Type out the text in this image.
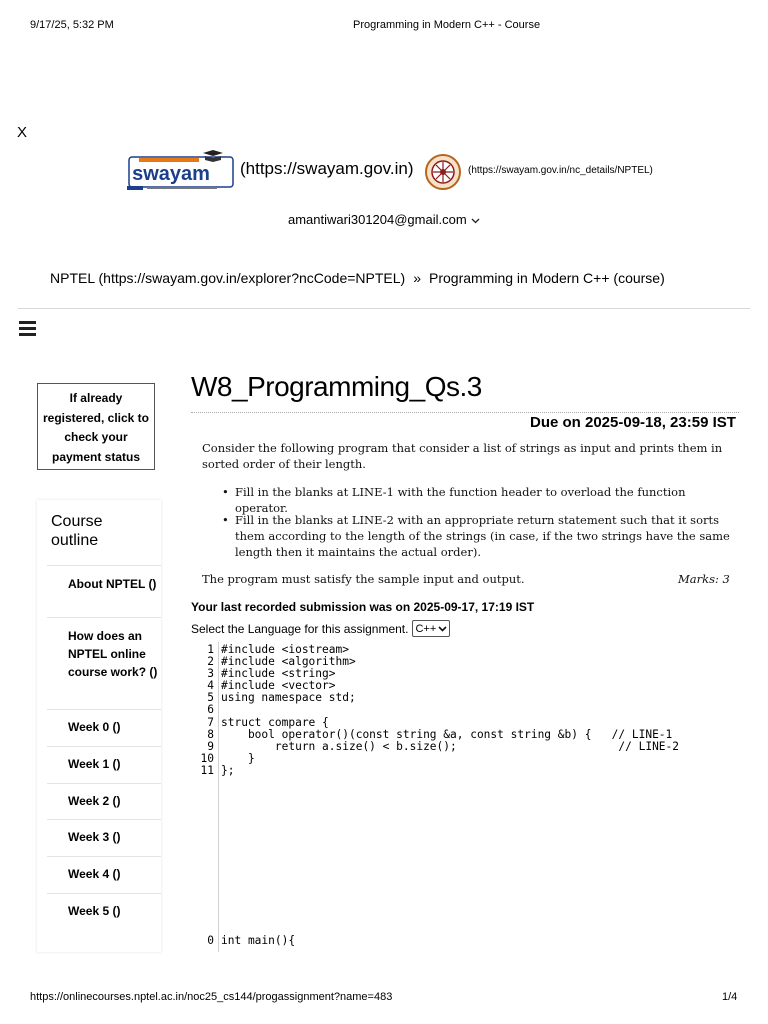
9/17/25, 5:32 PM	Programming in Modern C++ - Course
X
swayam (https://swayam.gov.in)	(https://swayam.gov.in/nc_details/NPTEL)
amantiwari301204@gmail.com
NPTEL (https://swayam.gov.in/explorer?ncCode=NPTEL) » Programming in Modern C++ (course)
If already registered, click to check your payment status
Course outline
About NPTEL ()
How does an NPTEL online course work? ()
Week 0 ()
Week 1 ()
Week 2 ()
Week 3 ()
Week 4 ()
Week 5 ()
W8_Programming_Qs.3
Due on 2025-09-18, 23:59 IST
Consider the following program that consider a list of strings as input and prints them in sorted order of their length.
• Fill in the blanks at LINE-1 with the function header to overload the function operator.
• Fill in the blanks at LINE-2 with an appropriate return statement such that it sorts them according to the length of the strings (in case, if the two strings have the same length then it maintains the actual order).
The program must satisfy the sample input and output.	Marks: 3
Your last recorded submission was on 2025-09-17, 17:19 IST
Select the Language for this assignment. C++
1 #include <iostream>
2 #include <algorithm>
3 #include <string>
4 #include <vector>
5 using namespace std;
6
7 struct compare {
8 bool operator()(const string &a, const string &b) {   // LINE-1
9 return a.size() < b.size();                        // LINE-2
10 }
11 };
0 int main(){
https://onlinecourses.nptel.ac.in/noc25_cs144/progassignment?name=483	1/4
